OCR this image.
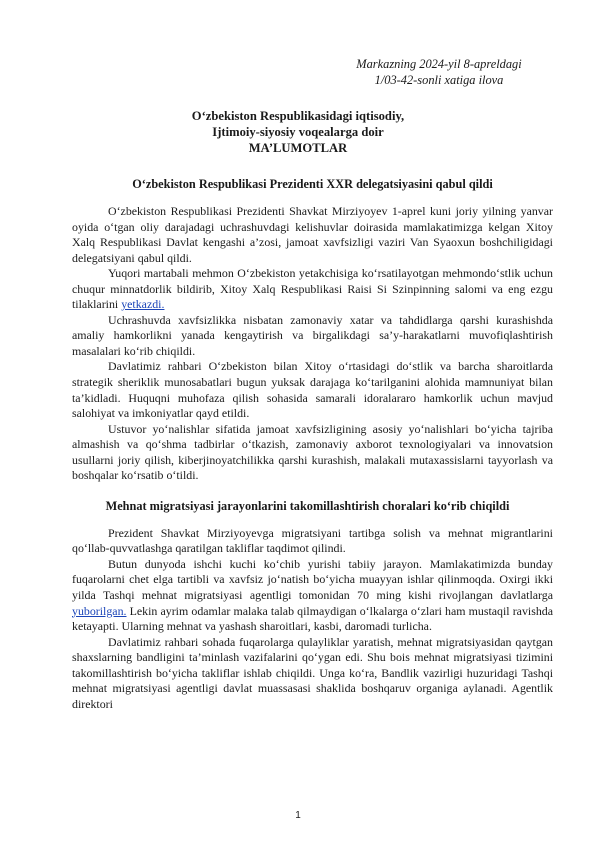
Markazning 2024-yil 8-apreldagi
1/03-42-sonli xatiga ilova
O‘zbekiston Respublikasidagi iqtisodiy,
Ijtimoiy-siyosiy voqealarga doir
MA’LUMOTLAR
O‘zbekiston Respublikasi Prezidenti XXR delegatsiyasini qabul qildi

O‘zbekiston Respublikasi Prezidenti Shavkat Mirziyoyev 1-aprel kuni joriy yilning yanvar oyida o‘tgan oliy darajadagi uchrashuvdagi kelishuvlar doirasida mamlakatimizga kelgan Xitoy Xalq Respublikasi Davlat kengashi a’zosi, jamoat xavfsizligi vaziri Van Syaoxun boshchiligidagi delegatsiyani qabul qildi.

Yuqori martabali mehmon O‘zbekiston yetakchisiga ko‘rsatilayotgan mehmondo‘stlik uchun chuqur minnatdorlik bildirib, Xitoy Xalq Respublikasi Raisi Si Szinpinning salomi va eng ezgu tilaklarini yetkazdi.

Uchrashuvda xavfsizlikka nisbatan zamonaviy xatar va tahdidlarga qarshi kurashishda amaliy hamkorlikni yanada kengaytirish va birgalikdagi sa’y-harakatlarni muvofiqlashtirish masalalari ko‘rib chiqildi.

Davlatimiz rahbari O‘zbekiston bilan Xitoy o‘rtasidagi do‘stlik va barcha sharoitlarda strategik sheriklik munosabatlari bugun yuksak darajaga ko‘tarilganini alohida mamnuniyat bilan ta’kidladi. Huquqni muhofaza qilish sohasida samarali idoralararo hamkorlik uchun mavjud salohiyat va imkoniyatlar qayd etildi.

Ustuvor yo‘nalishlar sifatida jamoat xavfsizligining asosiy yo‘nalishlari bo‘yicha tajriba almashish va qo‘shma tadbirlar o‘tkazish, zamonaviy axborot texnologiyalari va innovatsion usullarni joriy qilish, kiberjinoyatchilikka qarshi kurashish, malakali mutaxassislarni tayyorlash va boshqalar ko‘rsatib o‘tildi.

Mehnat migratsiyasi jarayonlarini takomillashtirish choralari ko‘rib chiqildi

Prezident Shavkat Mirziyoyevga migratsiyani tartibga solish va mehnat migrantlarini qo‘llab-quvvatlashga qaratilgan takliflar taqdimot qilindi.

Butun dunyoda ishchi kuchi ko‘chib yurishi tabiiy jarayon. Mamlakatimizda bunday fuqarolarni chet elga tartibli va xavfsiz jo‘natish bo‘yicha muayyan ishlar qilinmoqda. Oxirgi ikki yilda Tashqi mehnat migratsiyasi agentligi tomonidan 70 ming kishi rivojlangan davlatlarga yuborilgan. Lekin ayrim odamlar malaka talab qilmaydigan o‘lkalarga o‘zlari ham mustaqil ravishda ketayapti. Ularning mehnat va yashash sharoitlari, kasbi, daromadi turlicha.

Davlatimiz rahbari sohada fuqarolarga qulayliklar yaratish, mehnat migratsiyasidan qaytgan shaxslarning bandligini ta’minlash vazifalarini qo‘ygan edi. Shu bois mehnat migratsiyasi tizimini takomillashtirish bo‘yicha takliflar ishlab chiqildi. Unga ko‘ra, Bandlik vazirligi huzuridagi Tashqi mehnat migratsiyasi agentligi davlat muassasasi shaklida boshqaruv organiga aylanadi. Agentlik direktori

1
